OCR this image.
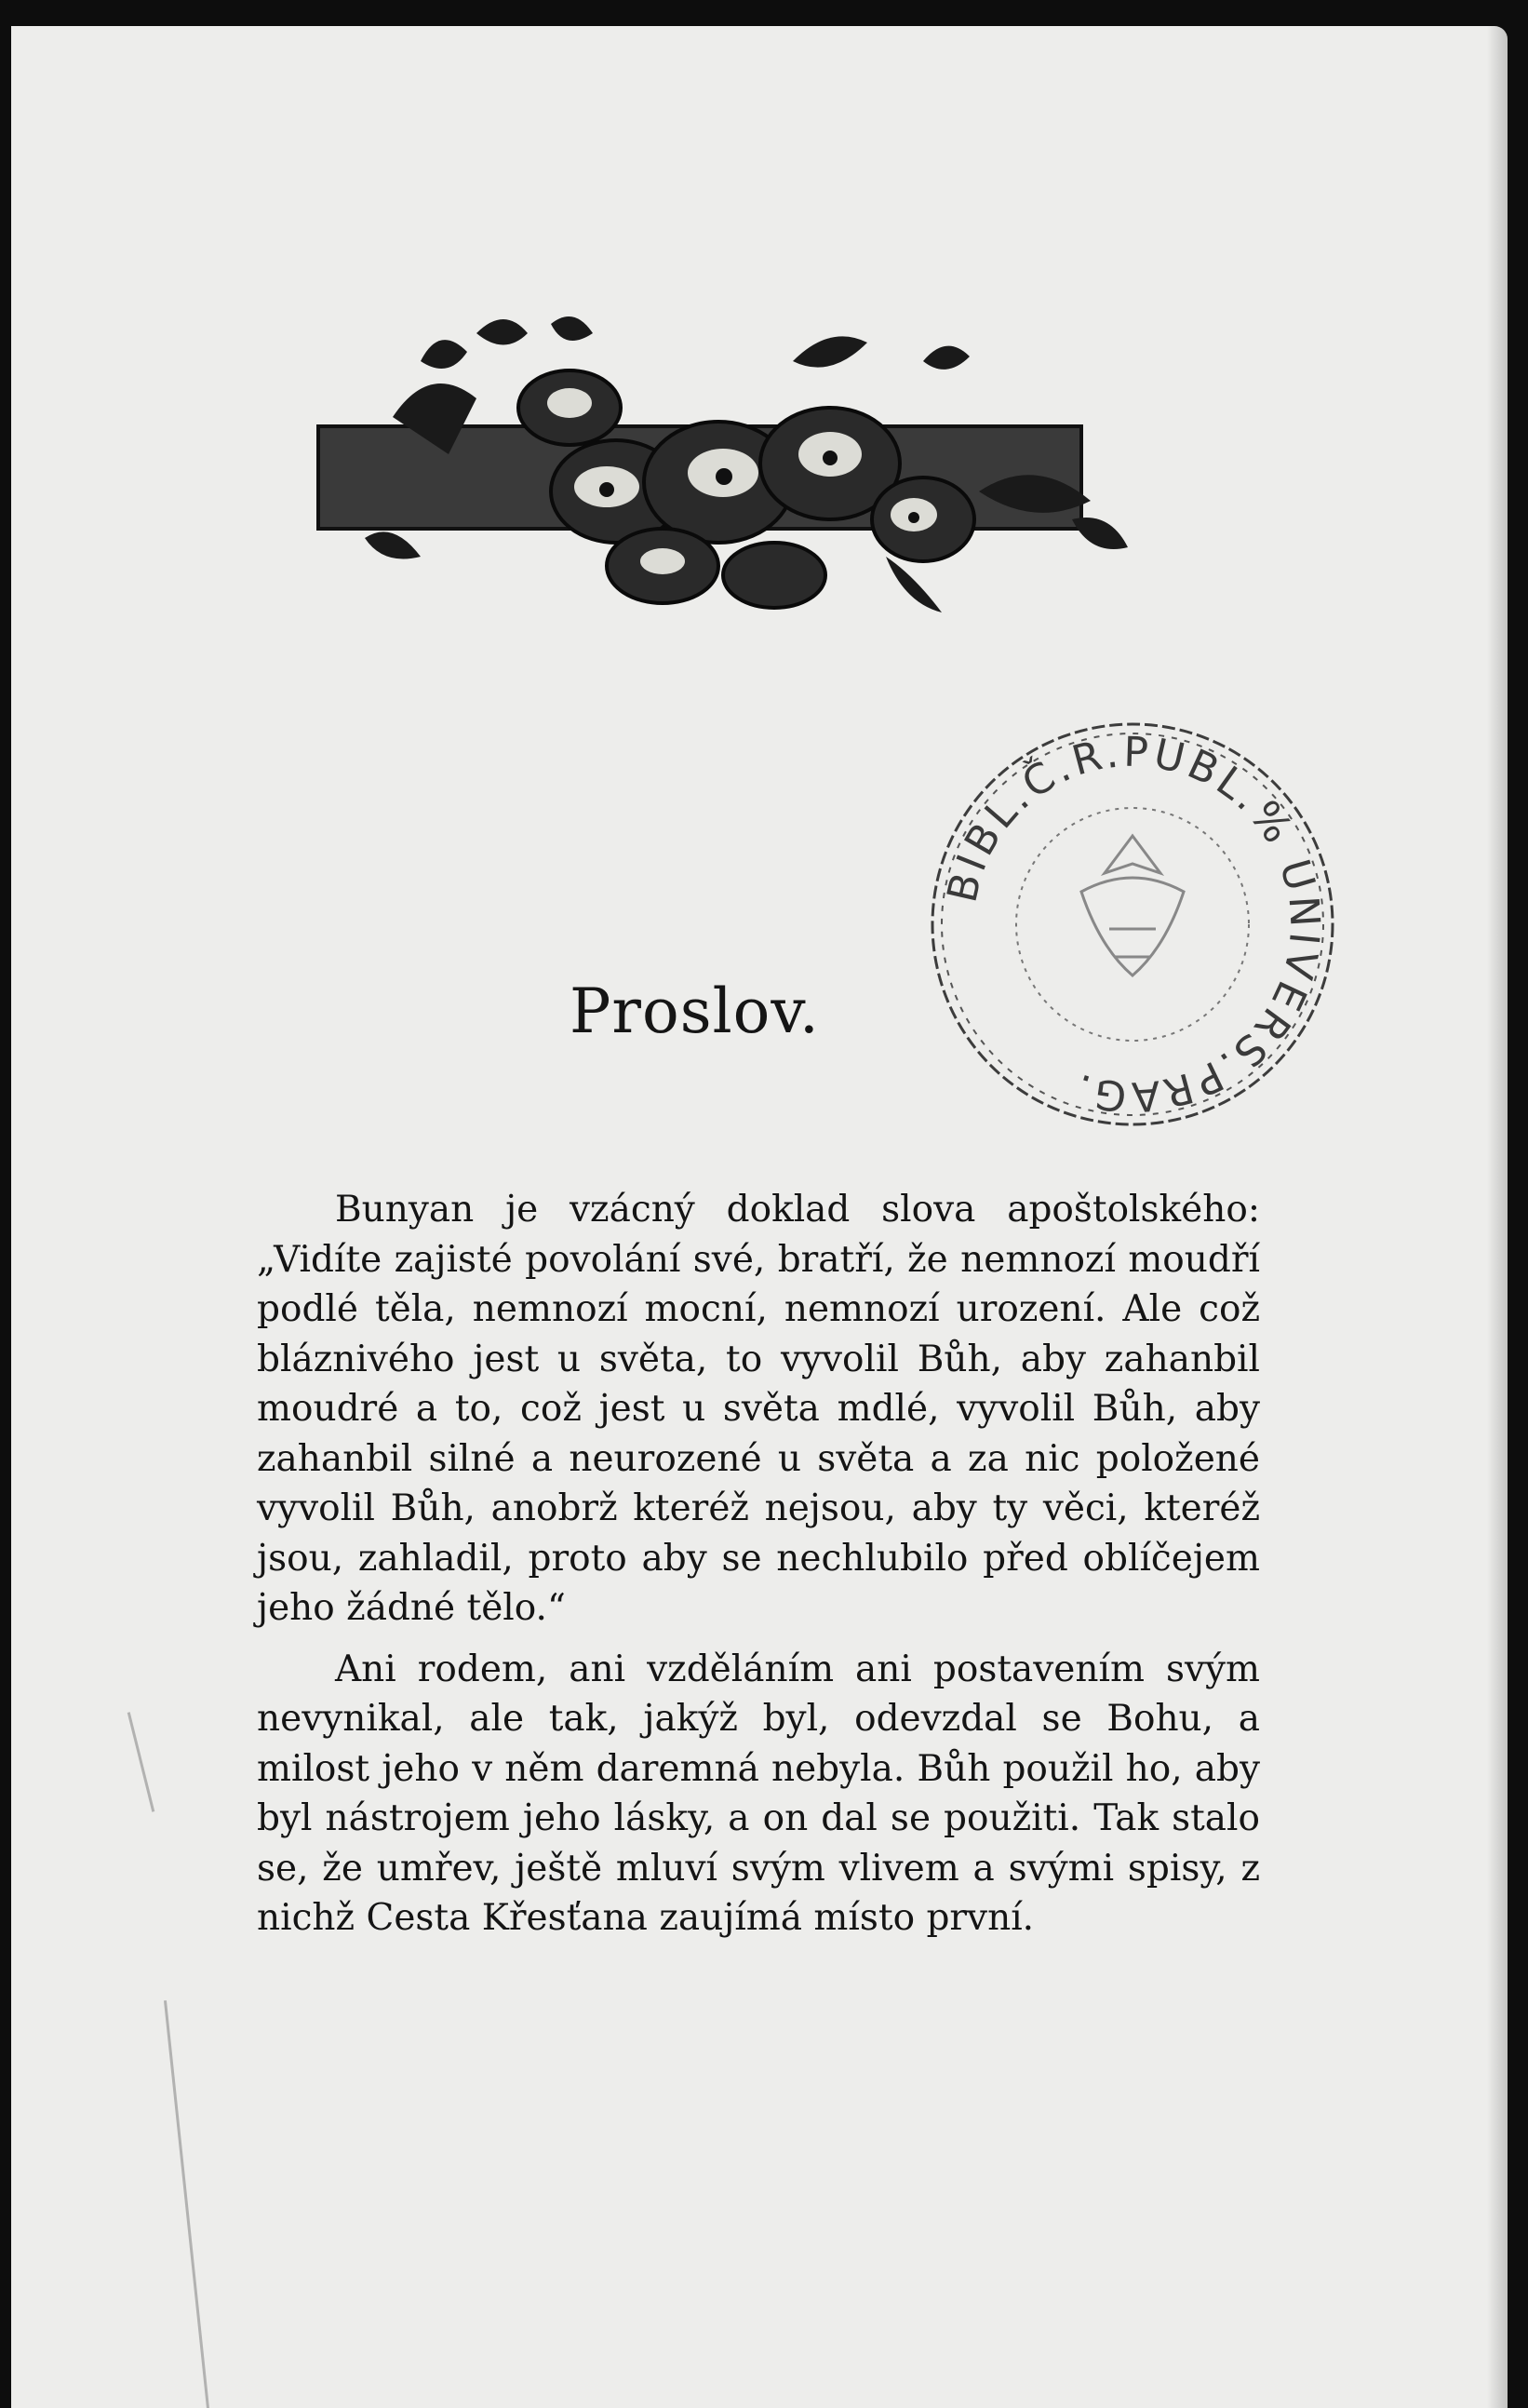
BIBL.Č.R.PUBL.% UNIVERS.PRAG.
Proslov.

Bunyan je vzácný doklad slova apoštolského: „Vidíte zajisté povolání své, bratří, že nemnozí moudří podlé těla, nemnozí mocní, nemnozí urození. Ale což bláznivého jest u světa, to vyvolil Bůh, aby zahanbil moudré a to, což jest u světa mdlé, vyvolil Bůh, aby zahanbil silné a neurozené u světa a za nic položené vyvolil Bůh, anobrž kteréž nejsou, aby ty věci, kteréž jsou, zahladil, proto aby se nechlubilo před oblíčejem jeho žádné tělo.“

Ani rodem, ani vzděláním ani postavením svým nevynikal, ale tak, jakýž byl, odevzdal se Bohu, a milost jeho v něm daremná nebyla. Bůh použil ho, aby byl nástrojem jeho lásky, a on dal se použiti. Tak stalo se, že umřev, ještě mluví svým vlivem a svými spisy, z nichž Cesta Křesťana zaujímá místo první.
